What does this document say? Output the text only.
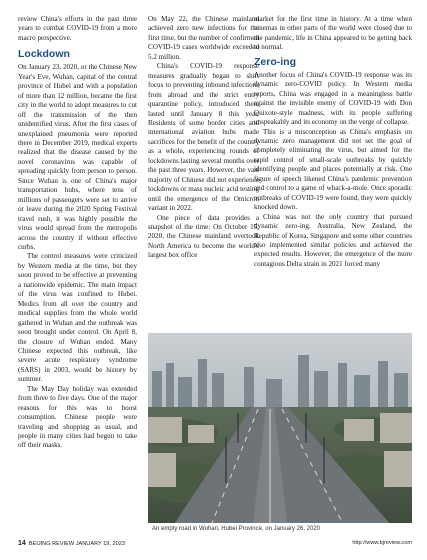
review China's efforts in the past three years to combat COVID-19 from a more macro perspective.

Lockdown

On January 23, 2020, or the Chinese New Year's Eve, Wuhan, capital of the central province of Hubei and with a population of more than 12 million, became the first city in the world to adopt measures to cut off the transmission of the then unidentified virus. After the first cases of unexplained pneumonia were reported there in December 2019, medical experts realized that the disease caused by the novel coronavirus was capable of spreading quickly from person to person. Since Wuhan is one of China's major transportation hubs, where tens of millions of passengers were set to arrive or leave during the 2020 Spring Festival travel rush, it was highly possible the virus would spread from the metropolis across the country if without effective curbs.

The control measures were criticized by Western media at the time, but they soon proved to be effective at preventing a nationwide epidemic. The main impact of the virus was confined to Hubei. Medics from all over the country and medical supplies from the whole world gathered in Wuhan and the outbreak was soon brought under control. On April 8, the closure of Wuhan ended. Many Chinese expected this outbreak, like severe acute respiratory syndrome (SARS) in 2003, would be history by summer.

The May Day holiday was extended from three to five days. One of the major reasons for this was to boost consumption. Chinese people were traveling and shopping as usual, and people in many cities had begun to take off their masks.

On May 22, the Chinese mainland achieved zero new infections for the first time, but the number of confirmed COVID-19 cases worldwide exceeded 5.2 million.

China's COVID-19 response measures gradually began to shift focus to preventing inbound infections from abroad and the strict entry quarantine policy, introduced then, lasted until January 8 this year. Residents of some border cities and international aviation hubs made sacrifices for the benefit of the country as a whole, experiencing rounds of lockdowns lasting several months over the past three years. However, the vast majority of Chinese did not experience lockdowns or mass nucleic acid testing until the emergence of the Omicron variant in 2022.

One piece of data provides a snapshot of the time: On October 15, 2020, the Chinese mainland overtook North America to become the world's largest box office

market for the first time in history. At a time when cinemas in other parts of the world were closed due to the pandemic, life in China appeared to be getting back to normal.

Zero-ing

Another focus of China's COVID-19 response was its dynamic zero-COVID policy. In Western media reports, China was engaged in a meaningless battle against the invisible enemy of COVID-19 with Don Quixote-style madness, with its people suffering unspeakably and its economy on the verge of collapse.

This is a misconception as China's emphasis on dynamic zero management did not set the goal of completely eliminating the virus, but aimed for the rapid control of small-scale outbreaks by quickly identifying people and places potentially at risk. One figure of speech likened China's pandemic prevention and control to a game of whack-a-mole. Once sporadic outbreaks of COVID-19 were found, they were quickly knocked down.

China was not the only country that pursued dynamic zero-ing. Australia, New Zealand, the Republic of Korea, Singapore and some other countries also implemented similar policies and achieved the expected results. However, the emergence of the more contagious Delta strain in 2021 forced many

An empty road in Wuhan, Hubei Province, on January 26, 2020
14 BEIJING REVIEW JANUARY 19, 2023	http://www.bjreview.com
